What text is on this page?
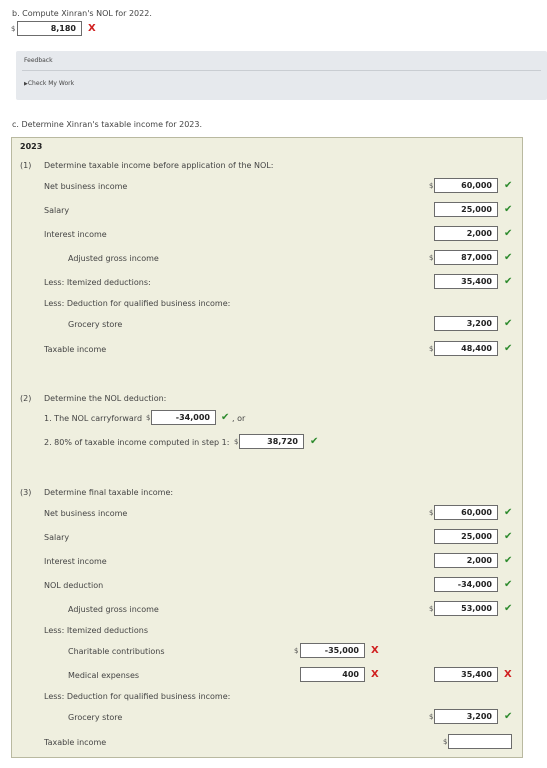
b. Compute Xinran's NOL for 2022.
$	8,180	X
Feedback
▶Check My Work
c. Determine Xinran's taxable income for 2023.
2023
(1) Determine taxable income before application of the NOL:
Net business income	$	60,000	✔
Salary	25,000	✔
Interest income	2,000	✔
Adjusted gross income	$	87,000	✔
Less: Itemized deductions:	35,400	✔
Less: Deduction for qualified business income:
Grocery store	3,200	✔
Taxable income	$	48,400	✔
(2) Determine the NOL deduction:
1. The NOL carryforward $	-34,000	✔ , or
2. 80% of taxable income computed in step 1: $	38,720	✔
(3) Determine final taxable income:
Net business income	$	60,000	✔
Salary	25,000	✔
Interest income	2,000	✔
NOL deduction	-34,000	✔
Adjusted gross income	$	53,000	✔
Less: Itemized deductions
Charitable contributions	$	-35,000	X
Medical expenses	400	X	35,400	X
Less: Deduction for qualified business income:
Grocery store	$	3,200	✔
Taxable income	$
